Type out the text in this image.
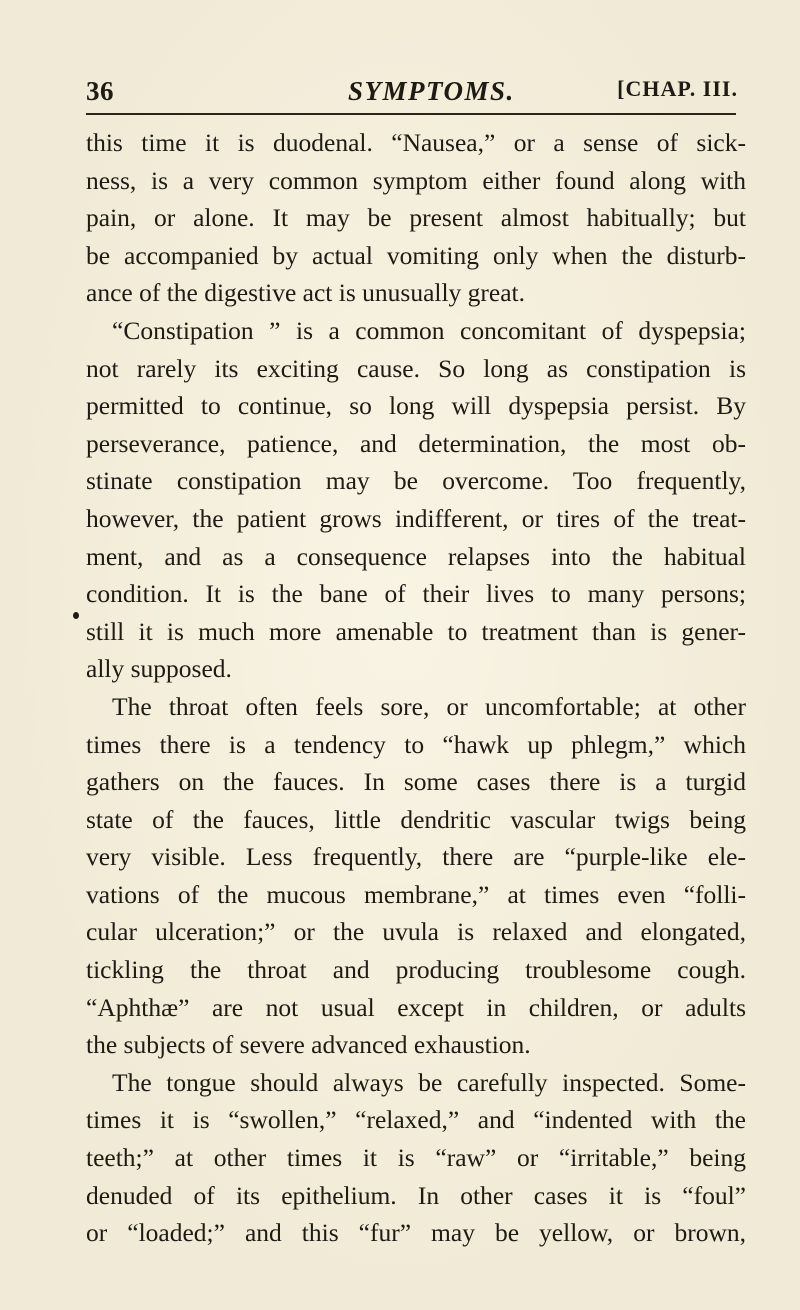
36	SYMPTOMS.	[CHAP. III.
this time it is duodenal. “Nausea,” or a sense of sick-
ness, is a very common symptom either found along with
pain, or alone. It may be present almost habitually; but
be accompanied by actual vomiting only when the disturb-
ance of the digestive act is unusually great.
“Constipation ” is a common concomitant of dyspepsia;
not rarely its exciting cause. So long as constipation is
permitted to continue, so long will dyspepsia persist. By
perseverance, patience, and determination, the most ob-
stinate constipation may be overcome. Too frequently,
however, the patient grows indifferent, or tires of the treat-
ment, and as a consequence relapses into the habitual
condition. It is the bane of their lives to many persons;
still it is much more amenable to treatment than is gener-
ally supposed.
The throat often feels sore, or uncomfortable; at other
times there is a tendency to “hawk up phlegm,” which
gathers on the fauces. In some cases there is a turgid
state of the fauces, little dendritic vascular twigs being
very visible. Less frequently, there are “purple-like ele-
vations of the mucous membrane,” at times even “folli-
cular ulceration;” or the uvula is relaxed and elongated,
tickling the throat and producing troublesome cough.
“Aphthæ” are not usual except in children, or adults
the subjects of severe advanced exhaustion.
The tongue should always be carefully inspected. Some-
times it is “swollen,” “relaxed,” and “indented with the
teeth;” at other times it is “raw” or “irritable,” being
denuded of its epithelium. In other cases it is “foul”
or “loaded;” and this “fur” may be yellow, or brown,
